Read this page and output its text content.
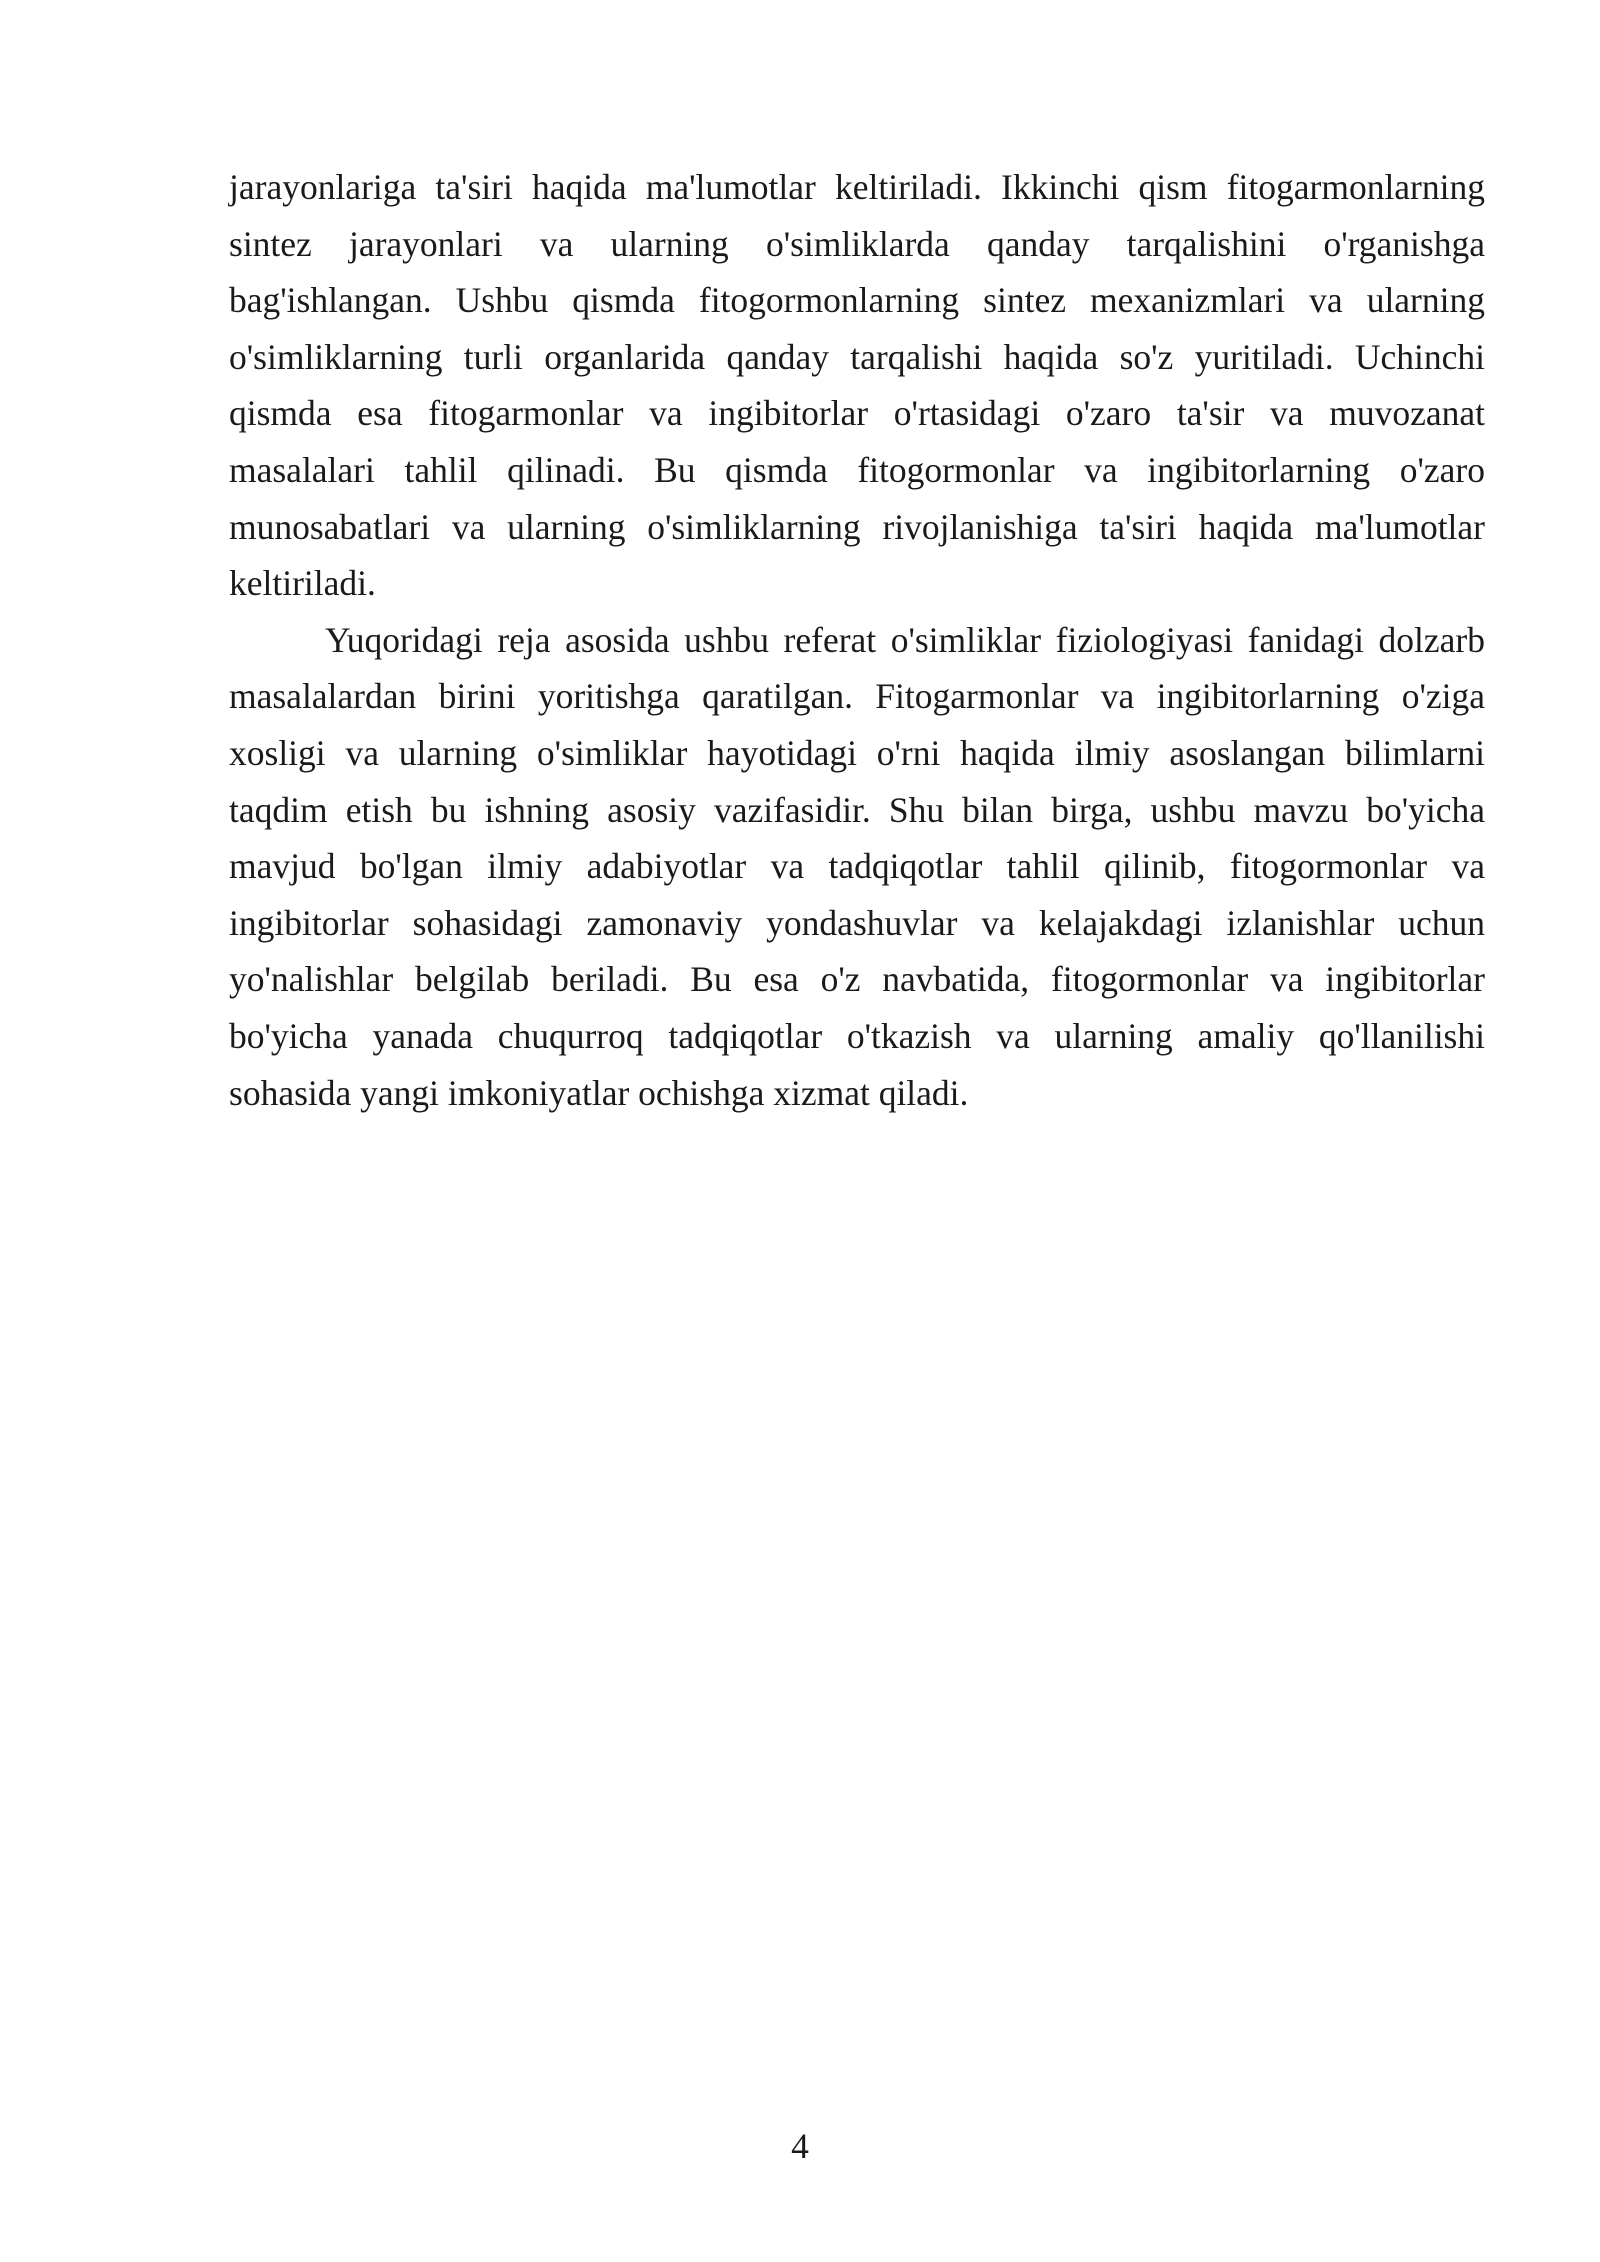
jarayonlariga ta'siri haqida ma'lumotlar keltiriladi. Ikkinchi qism fitogarmonlarning sintez jarayonlari va ularning o'simliklarda qanday tarqalishini o'rganishga bag'ishlangan. Ushbu qismda fitogormonlarning sintez mexanizmlari va ularning o'simliklarning turli organlarida qanday tarqalishi haqida so'z yuritiladi. Uchinchi qismda esa fitogarmonlar va ingibitorlar o'rtasidagi o'zaro ta'sir va muvozanat masalalari tahlil qilinadi. Bu qismda fitogormonlar va ingibitorlarning o'zaro munosabatlari va ularning o'simliklarning rivojlanishiga ta'siri haqida ma'lumotlar keltiriladi.

Yuqoridagi reja asosida ushbu referat o'simliklar fiziologiyasi fanidagi dolzarb masalalardan birini yoritishga qaratilgan. Fitogarmonlar va ingibitorlarning o'ziga xosligi va ularning o'simliklar hayotidagi o'rni haqida ilmiy asoslangan bilimlarni taqdim etish bu ishning asosiy vazifasidir. Shu bilan birga, ushbu mavzu bo'yicha mavjud bo'lgan ilmiy adabiyotlar va tadqiqotlar tahlil qilinib, fitogormonlar va ingibitorlar sohasidagi zamonaviy yondashuvlar va kelajakdagi izlanishlar uchun yo'nalishlar belgilab beriladi. Bu esa o'z navbatida, fitogormonlar va ingibitorlar bo'yicha yanada chuqurroq tadqiqotlar o'tkazish va ularning amaliy qo'llanilishi sohasida yangi imkoniyatlar ochishga xizmat qiladi.

4
